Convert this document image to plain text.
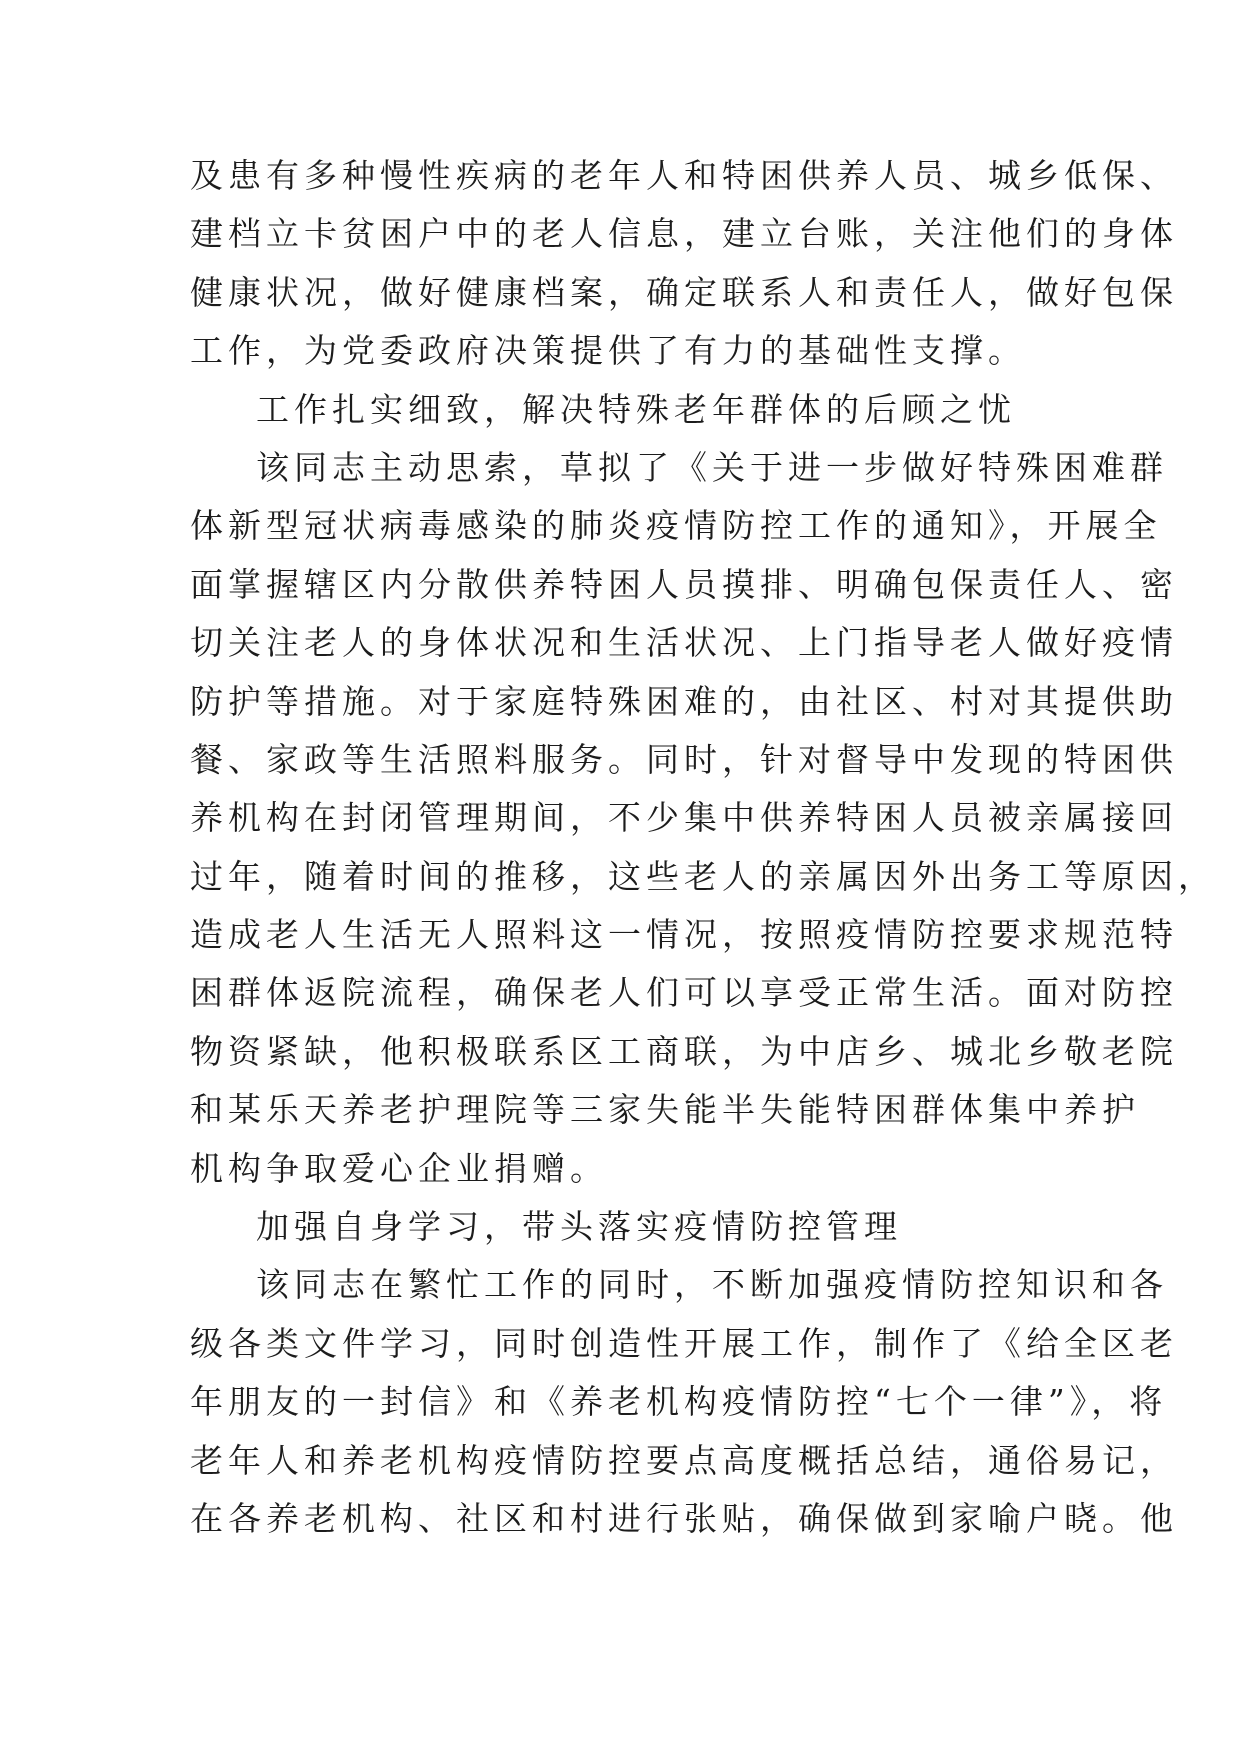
及患有多种慢性疾病的老年人和特困供养人员、城乡低保、
建档立卡贫困户中的老人信息，建立台账，关注他们的身体
健康状况，做好健康档案，确定联系人和责任人，做好包保
工作，为党委政府决策提供了有力的基础性支撑。
工作扎实细致，解决特殊老年群体的后顾之忧
该同志主动思索，草拟了《关于进一步做好特殊困难群
体新型冠状病毒感染的肺炎疫情防控工作的通知》，开展全
面掌握辖区内分散供养特困人员摸排、明确包保责任人、密
切关注老人的身体状况和生活状况、上门指导老人做好疫情
防护等措施。对于家庭特殊困难的，由社区、村对其提供助
餐、家政等生活照料服务。同时，针对督导中发现的特困供
养机构在封闭管理期间，不少集中供养特困人员被亲属接回
过年，随着时间的推移，这些老人的亲属因外出务工等原因，
造成老人生活无人照料这一情况，按照疫情防控要求规范特
困群体返院流程，确保老人们可以享受正常生活。面对防控
物资紧缺，他积极联系区工商联，为中店乡、城北乡敬老院
和某乐天养老护理院等三家失能半失能特困群体集中养护
机构争取爱心企业捐赠。
加强自身学习，带头落实疫情防控管理
该同志在繁忙工作的同时，不断加强疫情防控知识和各
级各类文件学习，同时创造性开展工作，制作了《给全区老
年朋友的一封信》和《养老机构疫情防控“七个一律”》，将
老年人和养老机构疫情防控要点高度概括总结，通俗易记，
在各养老机构、社区和村进行张贴，确保做到家喻户晓。他
